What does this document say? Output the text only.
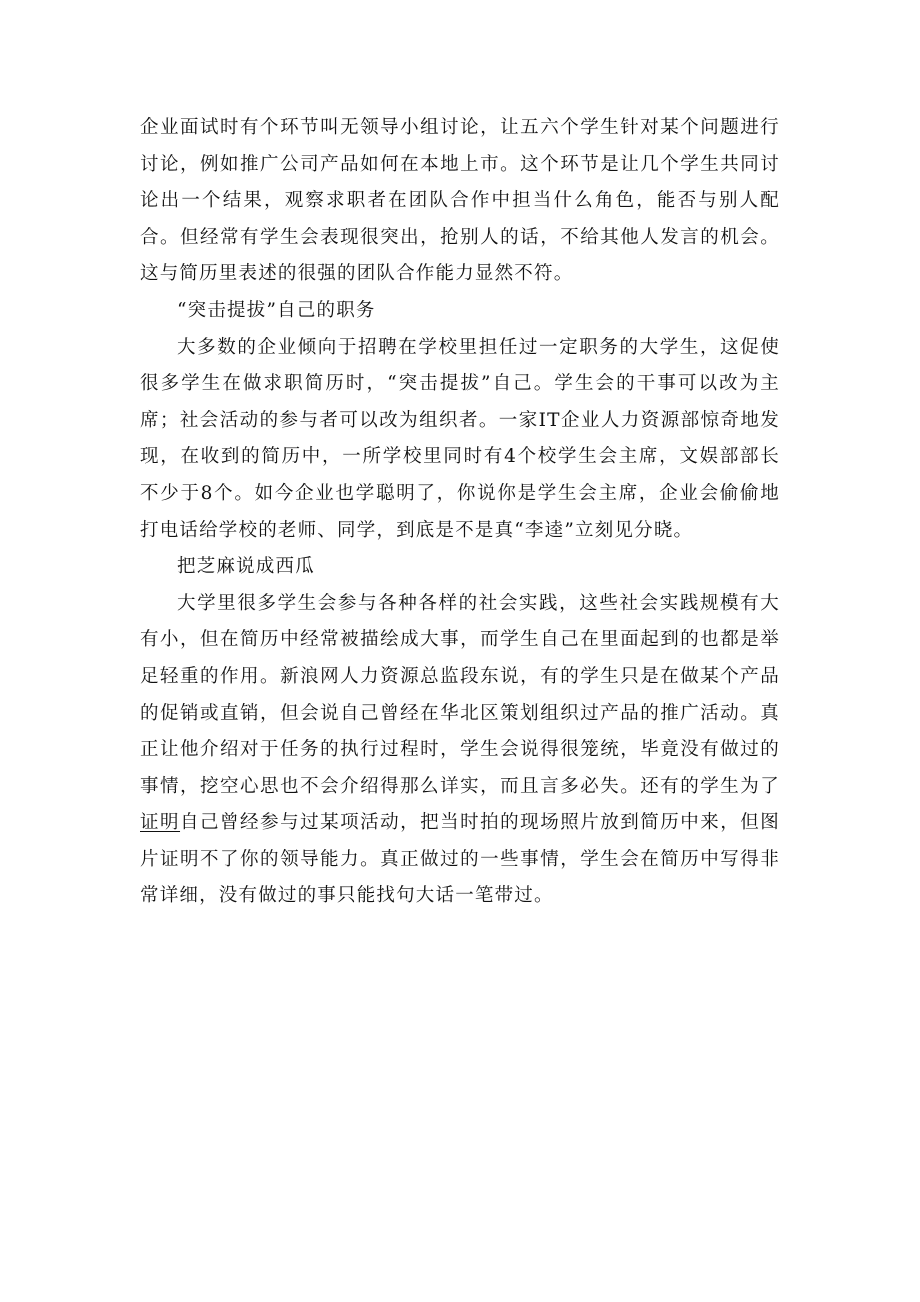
企业面试时有个环节叫无领导小组讨论，让五六个学生针对某个问题进行讨论，例如推广公司产品如何在本地上市。这个环节是让几个学生共同讨论出一个结果，观察求职者在团队合作中担当什么角色，能否与别人配合。但经常有学生会表现很突出，抢别人的话，不给其他人发言的机会。这与简历里表述的很强的团队合作能力显然不符。

“突击提拔”自己的职务

大多数的企业倾向于招聘在学校里担任过一定职务的大学生，这促使很多学生在做求职简历时，“突击提拔”自己。学生会的干事可以改为主席；社会活动的参与者可以改为组织者。一家IT企业人力资源部惊奇地发现，在收到的简历中，一所学校里同时有4个校学生会主席，文娱部部长不少于8个。如今企业也学聪明了，你说你是学生会主席，企业会偷偷地打电话给学校的老师、同学，到底是不是真“李逵”立刻见分晓。

把芝麻说成西瓜

大学里很多学生会参与各种各样的社会实践，这些社会实践规模有大有小，但在简历中经常被描绘成大事，而学生自己在里面起到的也都是举足轻重的作用。新浪网人力资源总监段东说，有的学生只是在做某个产品的促销或直销，但会说自己曾经在华北区策划组织过产品的推广活动。真正让他介绍对于任务的执行过程时，学生会说得很笼统，毕竟没有做过的事情，挖空心思也不会介绍得那么详实，而且言多必失。还有的学生为了证明自己曾经参与过某项活动，把当时拍的现场照片放到简历中来，但图片证明不了你的领导能力。真正做过的一些事情，学生会在简历中写得非常详细，没有做过的事只能找句大话一笔带过。
